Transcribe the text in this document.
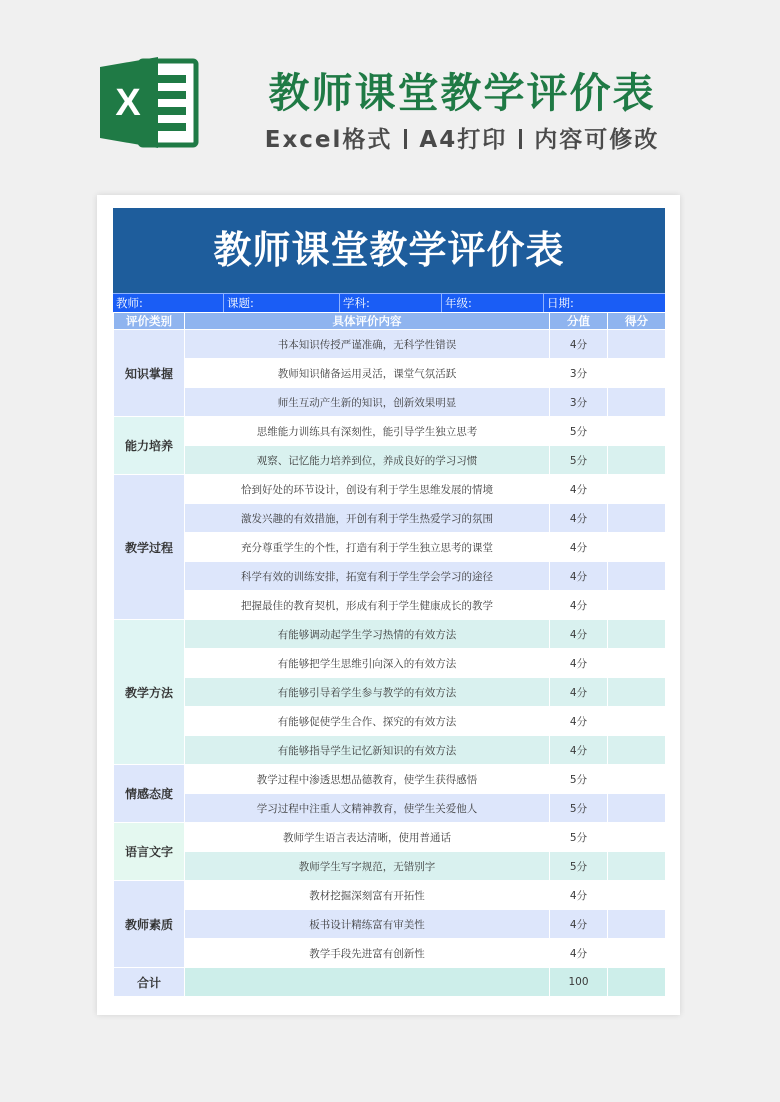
X	教师课堂教学评价表
Excel格式 A4打印 内容可修改
教师课堂教学评价表
教师:	课题:	学科:	年级:	日期:
评价类别	具体评价内容	分值	得分
知识掌握	书本知识传授严谨准确，无科学性错误	4分	
	教师知识储备运用灵活，课堂气氛活跃	3分	
	师生互动产生新的知识，创新效果明显	3分	
能力培养	思维能力训练具有深刻性，能引导学生独立思考	5分	
	观察、记忆能力培养到位，养成良好的学习习惯	5分	
教学过程	恰到好处的环节设计，创设有利于学生思维发展的情境	4分	
	激发兴趣的有效措施，开创有利于学生热爱学习的氛围	4分	
	充分尊重学生的个性，打造有利于学生独立思考的课堂	4分	
	科学有效的训练安排，拓宽有利于学生学会学习的途径	4分	
	把握最佳的教育契机，形成有利于学生健康成长的教学	4分	
教学方法	有能够调动起学生学习热情的有效方法	4分	
	有能够把学生思维引向深入的有效方法	4分	
	有能够引导着学生参与教学的有效方法	4分	
	有能够促使学生合作、探究的有效方法	4分	
	有能够指导学生记忆新知识的有效方法	4分	
情感态度	教学过程中渗透思想品德教育，使学生获得感悟	5分	
	学习过程中注重人文精神教育，使学生关爱他人	5分	
语言文字	教师学生语言表达清晰，使用普通话	5分	
	教师学生写字规范，无错别字	5分	
教师素质	教材挖掘深刻富有开拓性	4分	
	板书设计精练富有审美性	4分	
	教学手段先进富有创新性	4分	
合计		100	
